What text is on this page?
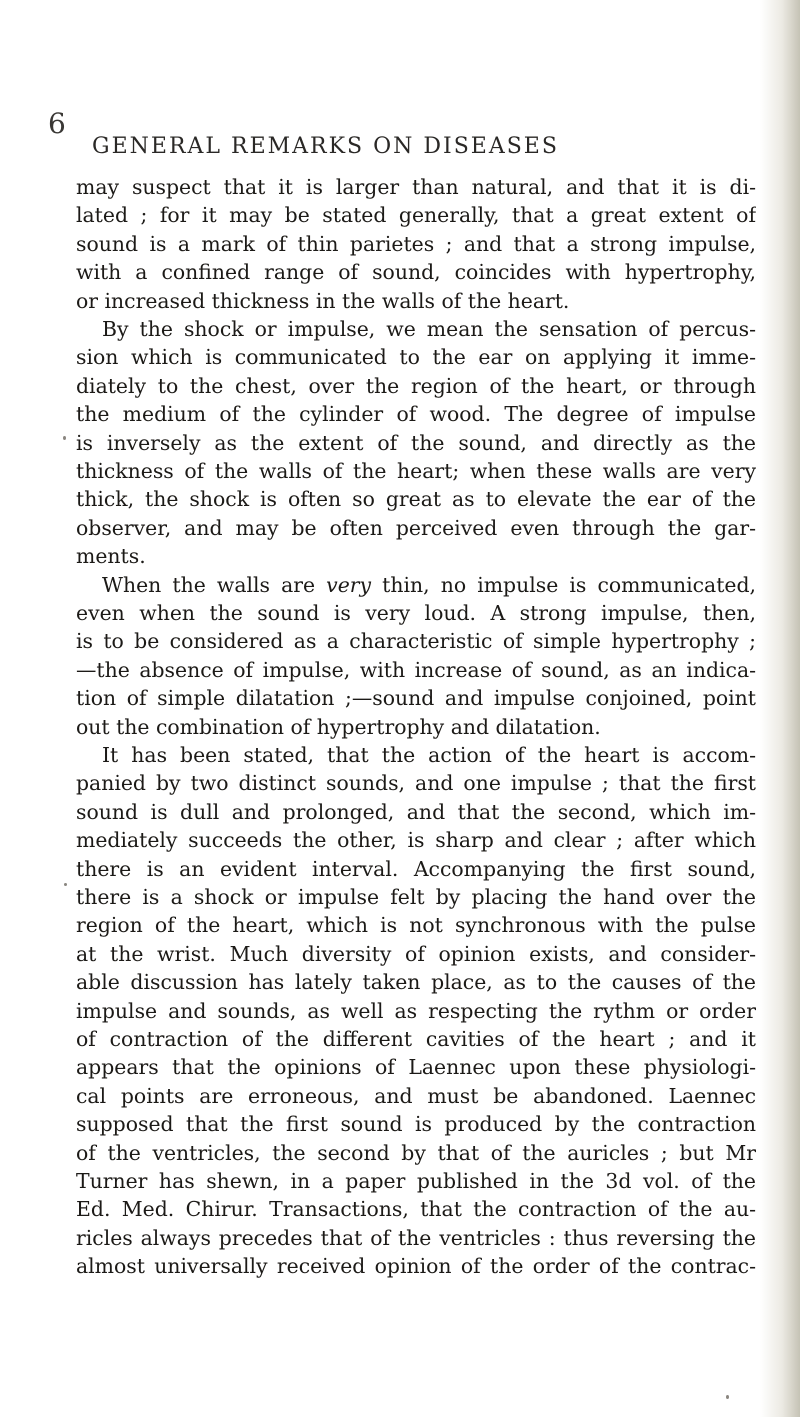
6
GENERAL REMARKS ON DISEASES
may suspect that it is larger than natural, and that it is di-
lated ; for it may be stated generally, that a great extent of
sound is a mark of thin parietes ; and that a strong impulse,
with a confined range of sound, coincides with hypertrophy,
or increased thickness in the walls of the heart.
By the shock or impulse, we mean the sensation of percus-
sion which is communicated to the ear on applying it imme-
diately to the chest, over the region of the heart, or through
the medium of the cylinder of wood. The degree of impulse
is inversely as the extent of the sound, and directly as the
thickness of the walls of the heart; when these walls are very
thick, the shock is often so great as to elevate the ear of the
observer, and may be often perceived even through the gar-
ments.
When the walls are very thin, no impulse is communicated,
even when the sound is very loud. A strong impulse, then,
is to be considered as a characteristic of simple hypertrophy ;
—the absence of impulse, with increase of sound, as an indica-
tion of simple dilatation ;—sound and impulse conjoined, point
out the combination of hypertrophy and dilatation.
It has been stated, that the action of the heart is accom-
panied by two distinct sounds, and one impulse ; that the first
sound is dull and prolonged, and that the second, which im-
mediately succeeds the other, is sharp and clear ; after which
there is an evident interval. Accompanying the first sound,
there is a shock or impulse felt by placing the hand over the
region of the heart, which is not synchronous with the pulse
at the wrist. Much diversity of opinion exists, and consider-
able discussion has lately taken place, as to the causes of the
impulse and sounds, as well as respecting the rythm or order
of contraction of the different cavities of the heart ; and it
appears that the opinions of Laennec upon these physiologi-
cal points are erroneous, and must be abandoned. Laennec
supposed that the first sound is produced by the contraction
of the ventricles, the second by that of the auricles ; but Mr
Turner has shewn, in a paper published in the 3d vol. of the
Ed. Med. Chirur. Transactions, that the contraction of the au-
ricles always precedes that of the ventricles : thus reversing the
almost universally received opinion of the order of the contrac-
